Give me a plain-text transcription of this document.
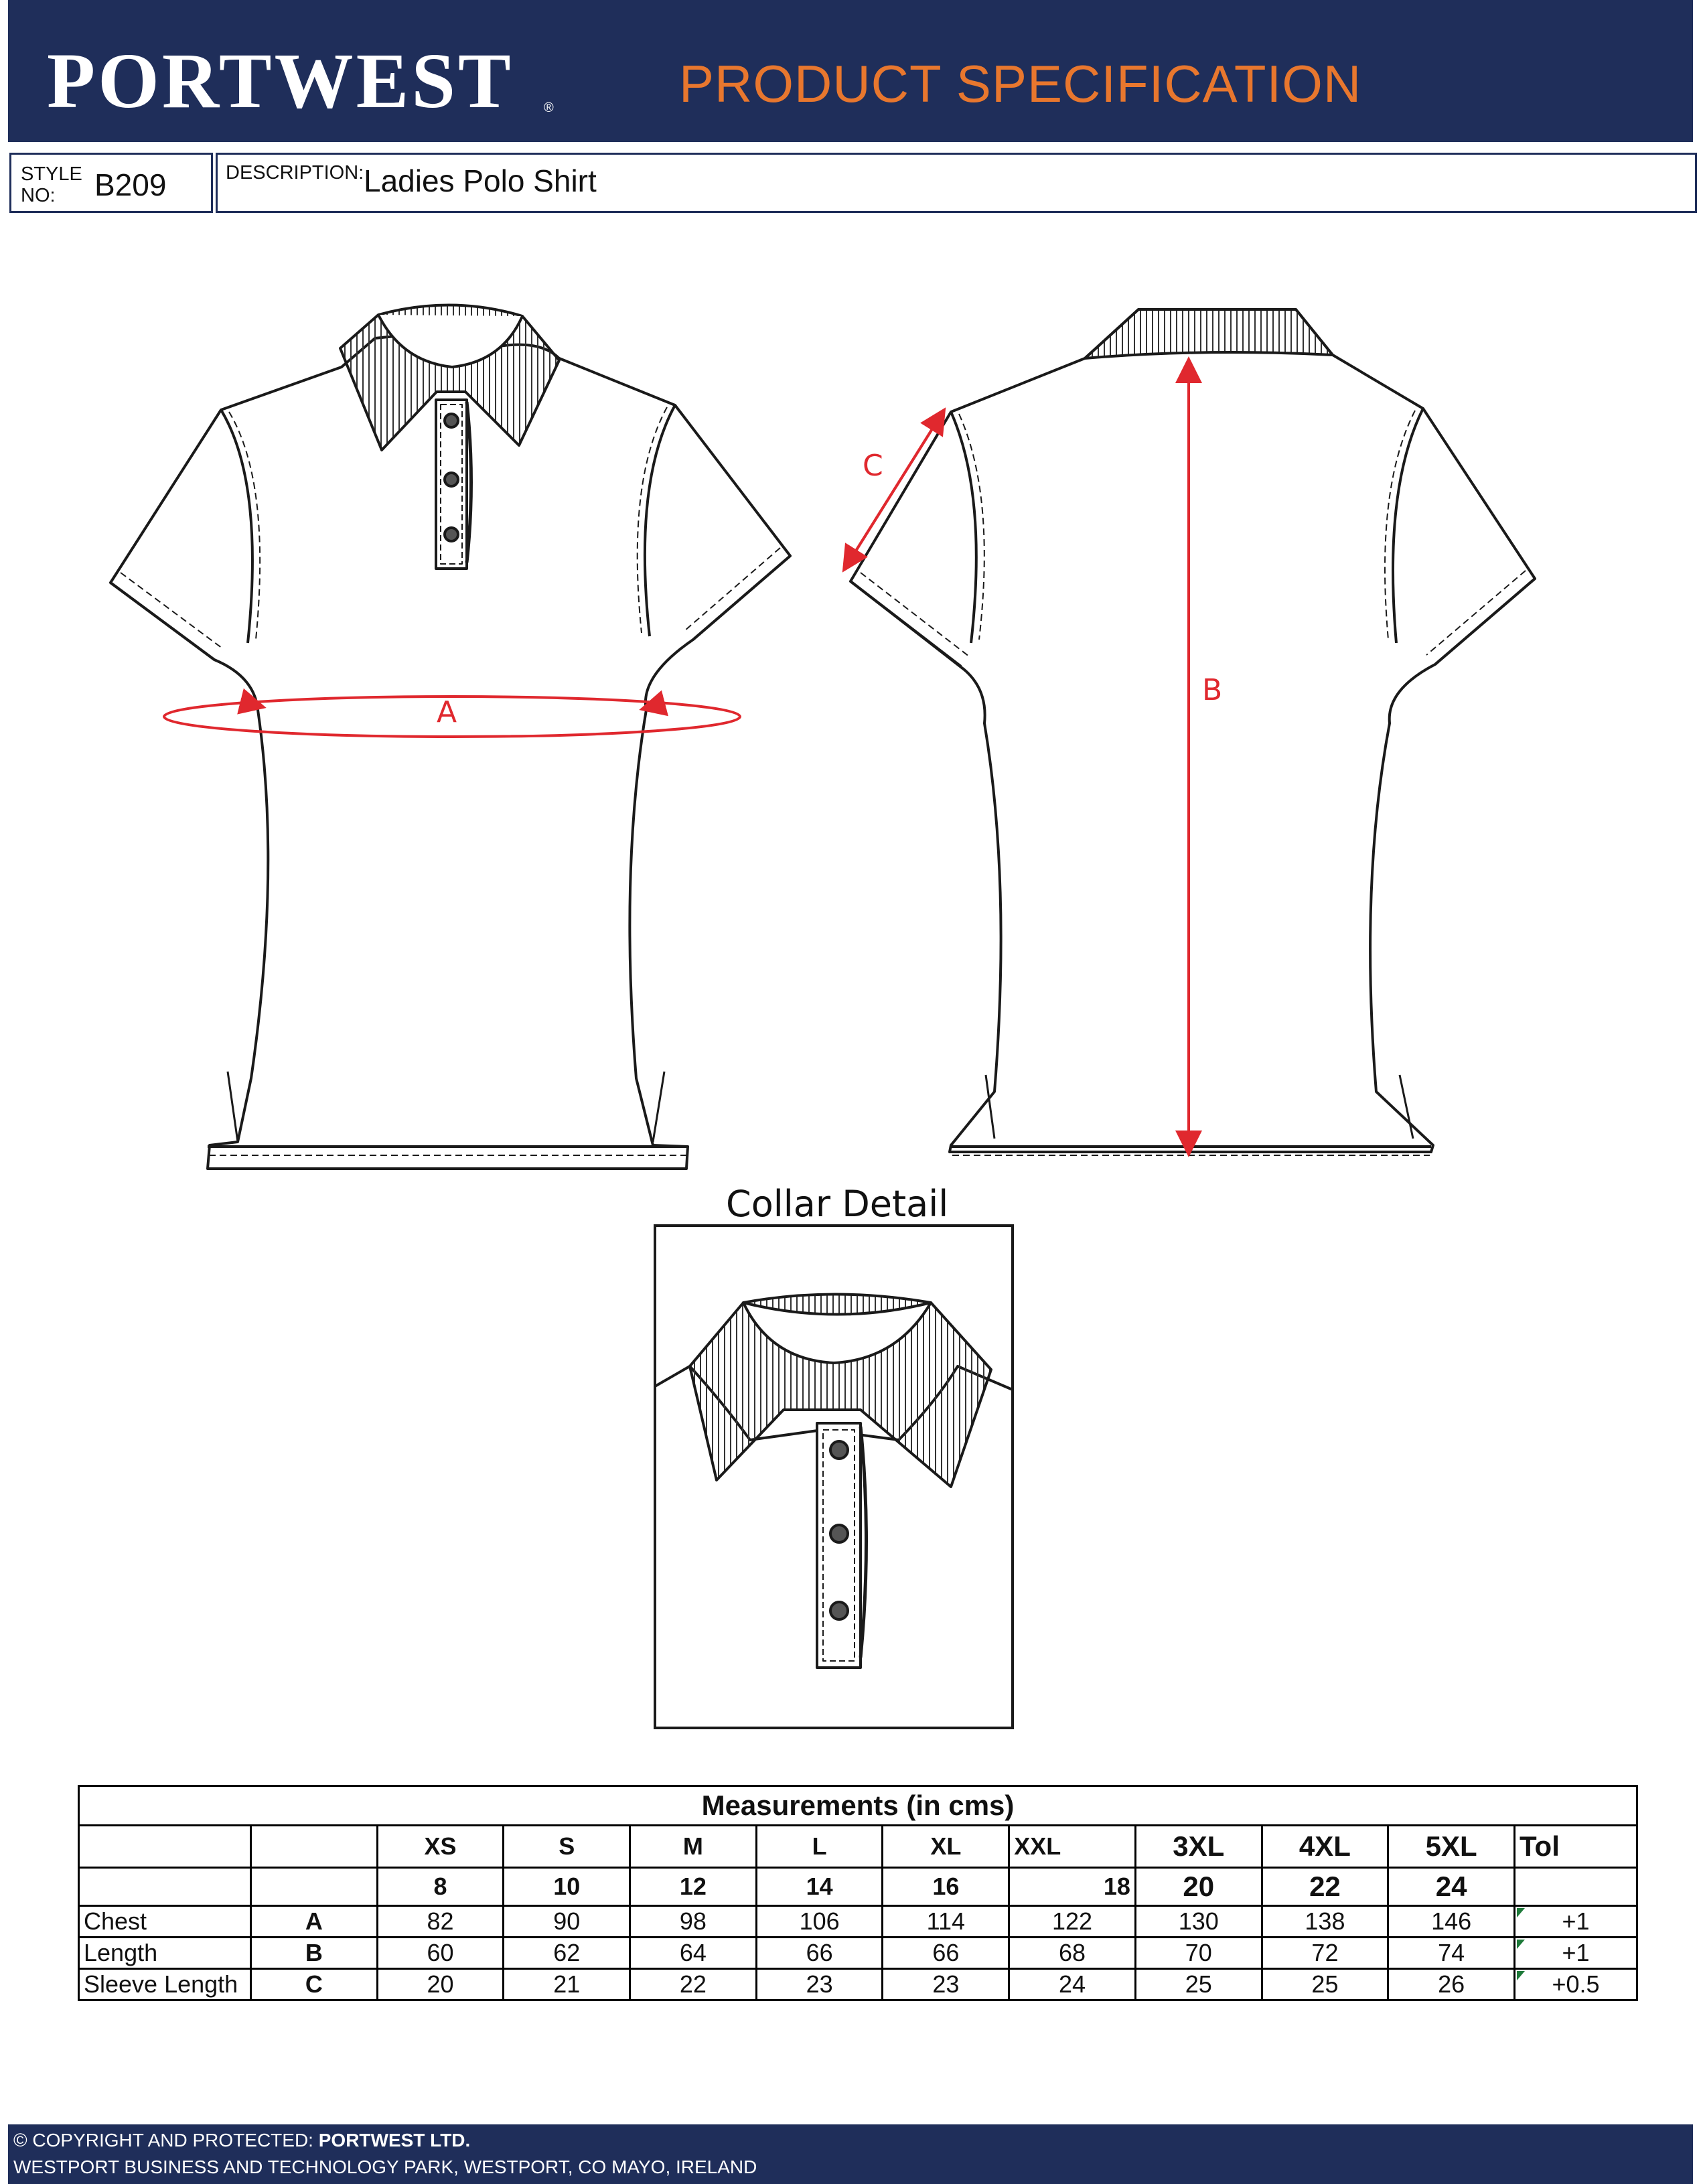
PORTWEST ® PRODUCT SPECIFICATION
STYLE
NO: B209	DESCRIPTION: Ladies Polo Shirt
A
B
C
Collar Detail
Measurements (in cms)											
		XS	S	M	L	XL	XXL	3XL	4XL	5XL	Tol
		8	10	12	14	16	18	20	22	24	
Chest	A	82	90	98	106	114	122	130	138	146	+1
Length	B	60	62	64	66	66	68	70	72	74	+1
Sleeve Length	C	20	21	22	23	23	24	25	25	26	+0.5
© COPYRIGHT AND PROTECTED: PORTWEST LTD.
WESTPORT BUSINESS AND TECHNOLOGY PARK, WESTPORT, CO MAYO, IRELAND
